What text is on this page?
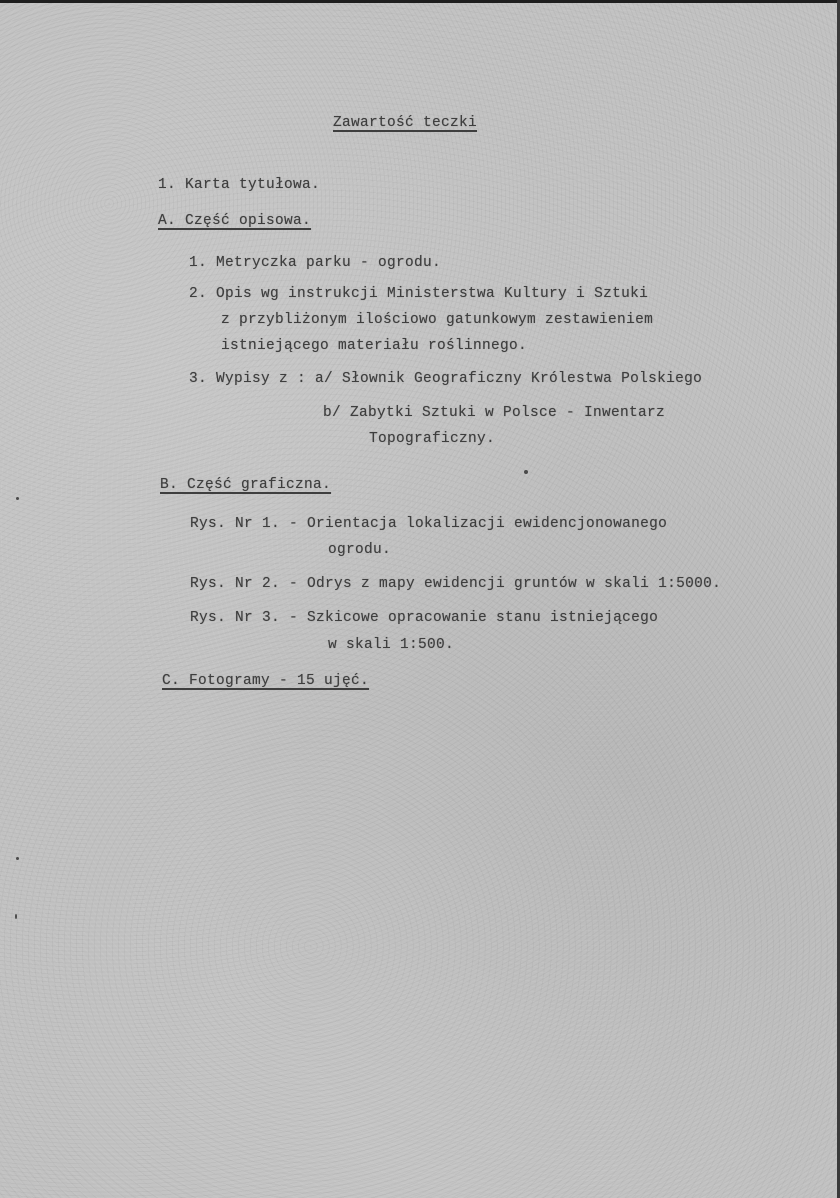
Zawartość teczki
1. Karta tytułowa.
A. Część opisowa.
1. Metryczka parku - ogrodu.
2. Opis wg instrukcji Ministerstwa Kultury i Sztuki
z przybliżonym ilościowo gatunkowym zestawieniem
istniejącego materiału roślinnego.
3. Wypisy z : a/ Słownik Geograficzny Królestwa Polskiego
b/ Zabytki Sztuki w Polsce - Inwentarz
Topograficzny.
B. Część graficzna.
Rys. Nr 1. - Orientacja lokalizacji ewidencjonowanego
ogrodu.
Rys. Nr 2. - Odrys z mapy ewidencji gruntów w skali 1:5000.
Rys. Nr 3. - Szkicowe opracowanie stanu istniejącego
w skali 1:500.
C. Fotogramy - 15 ujęć.
